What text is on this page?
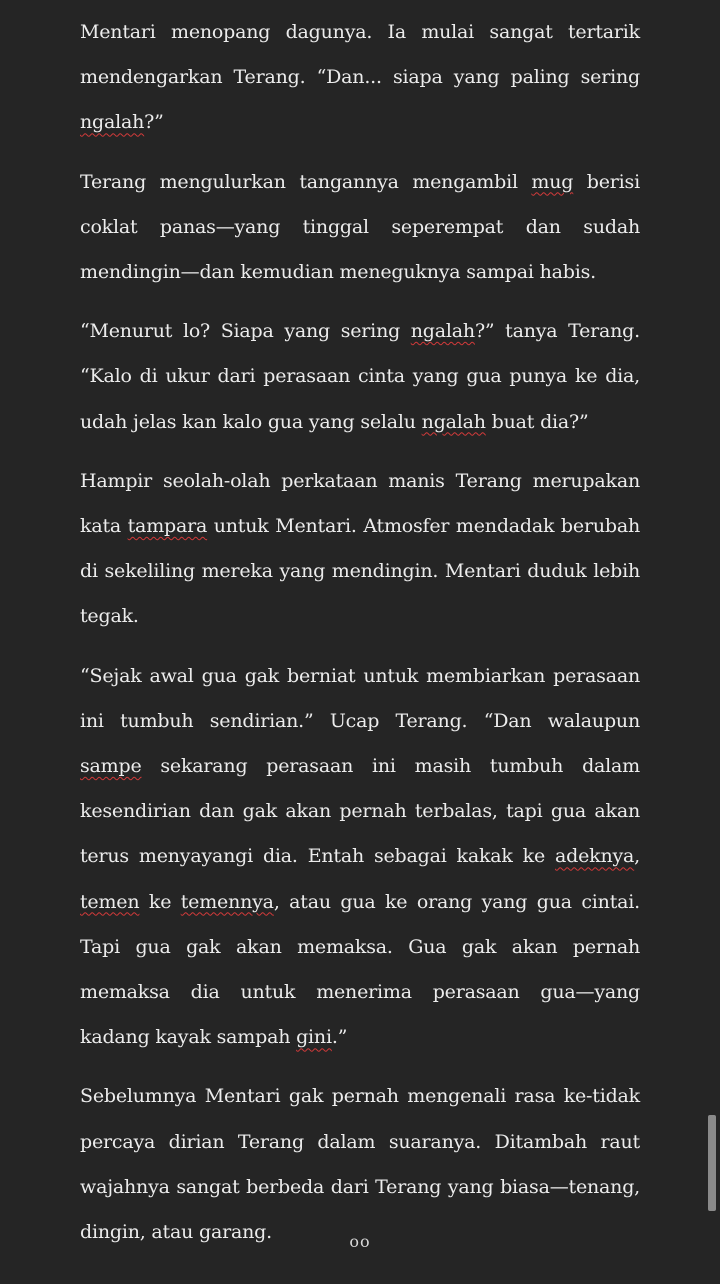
Mentari menopang dagunya. Ia mulai sangat tertarik mendengarkan Terang. “Dan... siapa yang paling sering ngalah?”

Terang mengulurkan tangannya mengambil mug berisi coklat panas—yang tinggal seperempat dan sudah mendingin—dan kemudian meneguknya sampai habis.

“Menurut lo? Siapa yang sering ngalah?” tanya Terang. “Kalo di ukur dari perasaan cinta yang gua punya ke dia, udah jelas kan kalo gua yang selalu ngalah buat dia?”

Hampir seolah-olah perkataan manis Terang merupakan kata tampara untuk Mentari. Atmosfer mendadak berubah di sekeliling mereka yang mendingin. Mentari duduk lebih tegak.

“Sejak awal gua gak berniat untuk membiarkan perasaan ini tumbuh sendirian.” Ucap Terang. “Dan walaupun sampe sekarang perasaan ini masih tumbuh dalam kesendirian dan gak akan pernah terbalas, tapi gua akan terus menyayangi dia. Entah sebagai kakak ke adeknya, temen ke temennya, atau gua ke orang yang gua cintai. Tapi gua gak akan memaksa. Gua gak akan pernah memaksa dia untuk menerima perasaan gua—yang kadang kayak sampah gini.”

Sebelumnya Mentari gak pernah mengenali rasa ke-tidak percaya dirian Terang dalam suaranya. Ditambah raut wajahnya sangat berbeda dari Terang yang biasa—tenang, dingin, atau garang.	oo
